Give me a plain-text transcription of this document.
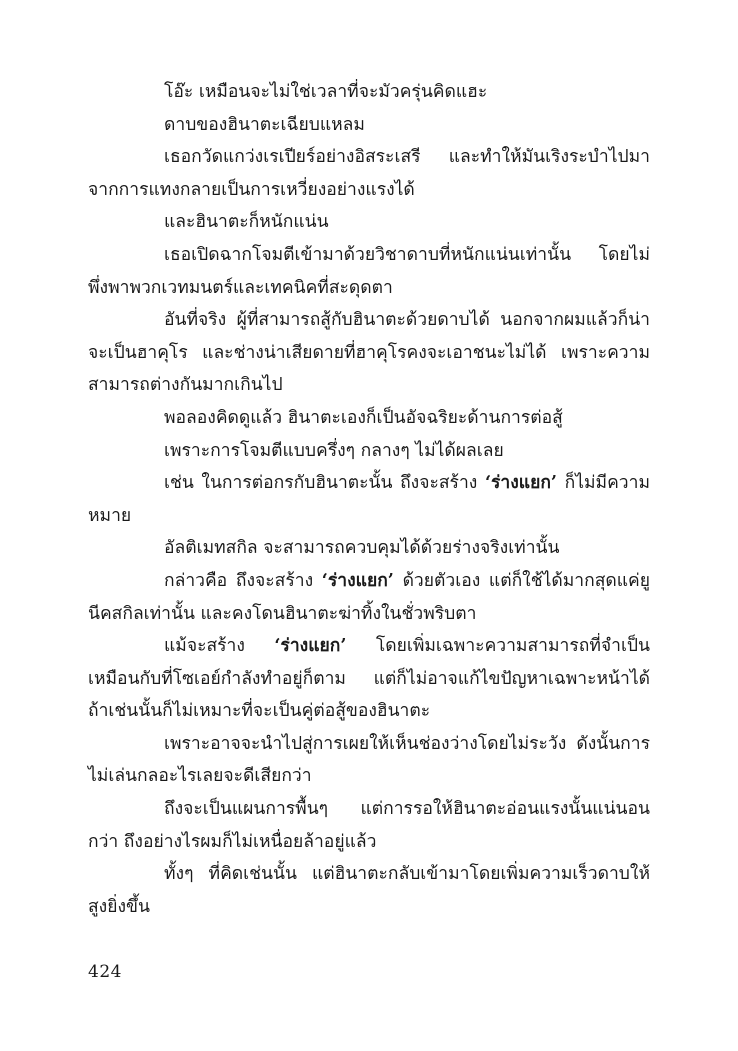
โอ๊ะ เหมือนจะไม่ใช่เวลาที่จะมัวครุ่นคิดแฮะ

ดาบของฮินาตะเฉียบแหลม

เธอกวัดแกว่งเรเปียร์อย่างอิสระเสรี และทำให้มันเริงระบำไปมาจากการแทงกลายเป็นการเหวี่ยงอย่างแรงได้

และฮินาตะก็หนักแน่น

เธอเปิดฉากโจมตีเข้ามาด้วยวิชาดาบที่หนักแน่นเท่านั้น โดยไม่พึ่งพาพวกเวทมนตร์และเทคนิคที่สะดุดตา

อันที่จริง ผู้ที่สามารถสู้กับฮินาตะด้วยดาบได้ นอกจากผมแล้วก็น่าจะเป็นฮาคุโร และช่างน่าเสียดายที่ฮาคุโรคงจะเอาชนะไม่ได้ เพราะความสามารถต่างกันมากเกินไป

พอลองคิดดูแล้ว ฮินาตะเองก็เป็นอัจฉริยะด้านการต่อสู้

เพราะการโจมตีแบบครึ่งๆ กลางๆ ไม่ได้ผลเลย

เช่น ในการต่อกรกับฮินาตะนั้น ถึงจะสร้าง ‘ร่างแยก’ ก็ไม่มีความหมาย

อัลติเมทสกิล จะสามารถควบคุมได้ด้วยร่างจริงเท่านั้น

กล่าวคือ ถึงจะสร้าง ‘ร่างแยก’ ด้วยตัวเอง แต่ก็ใช้ได้มากสุดแค่ยูนีคสกิลเท่านั้น และคงโดนฮินาตะฆ่าทิ้งในชั่วพริบตา

แม้จะสร้าง ‘ร่างแยก’ โดยเพิ่มเฉพาะความสามารถที่จำเป็นเหมือนกับที่โซเอย์กำลังทำอยู่ก็ตาม แต่ก็ไม่อาจแก้ไขปัญหาเฉพาะหน้าได้ ถ้าเช่นนั้นก็ไม่เหมาะที่จะเป็นคู่ต่อสู้ของฮินาตะ

เพราะอาจจะนำไปสู่การเผยให้เห็นช่องว่างโดยไม่ระวัง ดังนั้นการไม่เล่นกลอะไรเลยจะดีเสียกว่า

ถึงจะเป็นแผนการพื้นๆ แต่การรอให้ฮินาตะอ่อนแรงนั้นแน่นอนกว่า ถึงอย่างไรผมก็ไม่เหนื่อยล้าอยู่แล้ว

ทั้งๆ ที่คิดเช่นนั้น แต่ฮินาตะกลับเข้ามาโดยเพิ่มความเร็วดาบให้สูงยิ่งขึ้น

424
